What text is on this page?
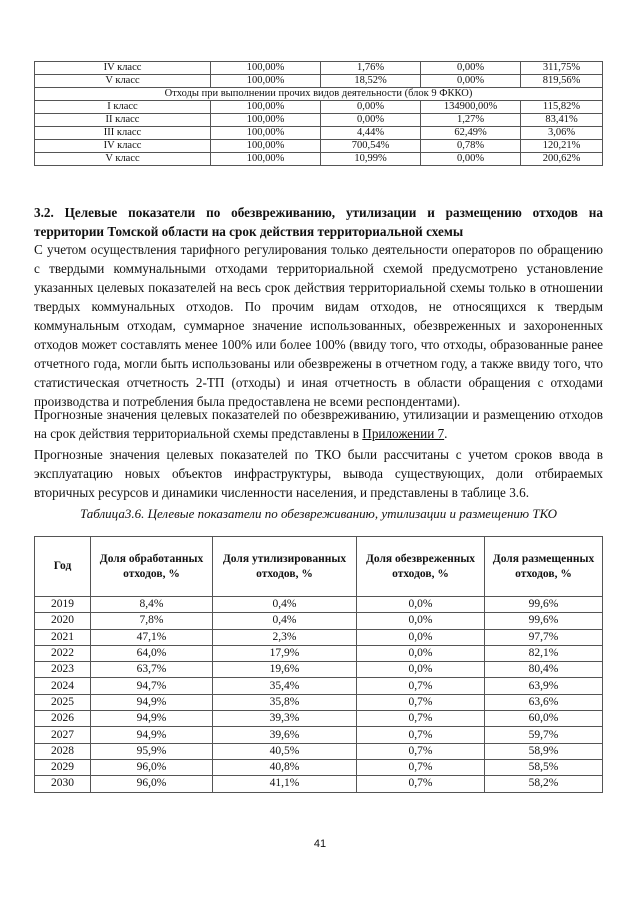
IV класс	100,00%	1,76%	0,00%	311,75%
V класс	100,00%	18,52%	0,00%	819,56%
Отходы при выполнении прочих видов деятельности (блок 9 ФККО)				
I класс	100,00%	0,00%	134900,00%	115,82%
II класс	100,00%	0,00%	1,27%	83,41%
III класс	100,00%	4,44%	62,49%	3,06%
IV класс	100,00%	700,54%	0,78%	120,21%
V класс	100,00%	10,99%	0,00%	200,62%
3.2. Целевые показатели по обезвреживанию, утилизации и размещению отходов на территории Томской области на срок действия территориальной схемы
С учетом осуществления тарифного регулирования только деятельности операторов по обращению с твердыми коммунальными отходами территориальной схемой предусмотрено установление указанных целевых показателей на весь срок действия территориальной схемы только в отношении твердых коммунальных отходов. По прочим видам отходов, не относящихся к твердым коммунальным отходам, суммарное значение использованных, обезвреженных и захороненных отходов может составлять менее 100% или более 100% (ввиду того, что отходы, образованные ранее отчетного года, могли быть использованы или обезврежены в отчетном году, а также ввиду того, что статистическая отчетность 2-ТП (отходы) и иная отчетность в области обращения с отходами производства и потребления была предоставлена не всеми респондентами).
Прогнозные значения целевых показателей по обезвреживанию, утилизации и размещению отходов на срок действия территориальной схемы представлены в Приложении 7.
Прогнозные значения целевых показателей по ТКО были рассчитаны с учетом сроков ввода в эксплуатацию новых объектов инфраструктуры, вывода существующих, доли отбираемых вторичных ресурсов и динамики численности населения, и представлены в таблице 3.6.
Таблица3.6. Целевые показатели по обезвреживанию, утилизации и размещению ТКО
Год	Доля обработанных отходов, %	Доля утилизированных отходов, %	Доля обезвреженных отходов, %	Доля размещенных отходов, %
2019	8,4%	0,4%	0,0%	99,6%
2020	7,8%	0,4%	0,0%	99,6%
2021	47,1%	2,3%	0,0%	97,7%
2022	64,0%	17,9%	0,0%	82,1%
2023	63,7%	19,6%	0,0%	80,4%
2024	94,7%	35,4%	0,7%	63,9%
2025	94,9%	35,8%	0,7%	63,6%
2026	94,9%	39,3%	0,7%	60,0%
2027	94,9%	39,6%	0,7%	59,7%
2028	95,9%	40,5%	0,7%	58,9%
2029	96,0%	40,8%	0,7%	58,5%
2030	96,0%	41,1%	0,7%	58,2%
41
